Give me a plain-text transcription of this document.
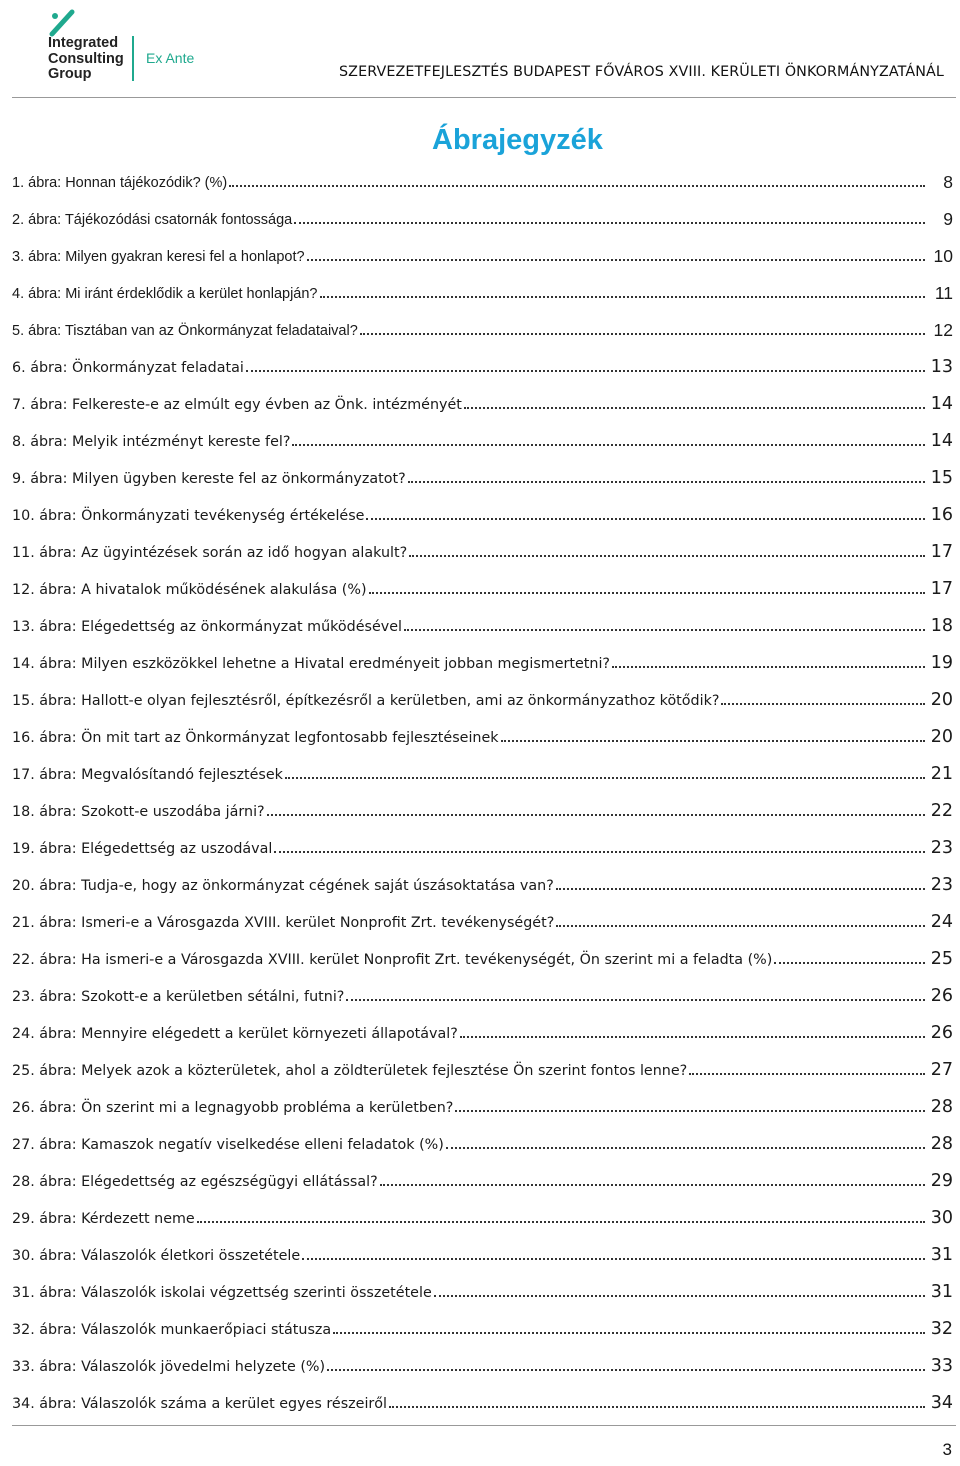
Integrated
Consulting
Group
Ex Ante
SZERVEZETFEJLESZTÉS BUDAPEST FŐVÁROS XVIII. KERÜLETI ÖNKORMÁNYZATÁNÁL
Ábrajegyzék
1.
ábra: Honnan tájékozódik? (%)	8
2.
ábra: Tájékozódási csatornák fontossága	9
3.
ábra: Milyen gyakran keresi fel a honlapot?	10
4.
ábra: Mi iránt érdeklődik a kerület honlapján?	11
5.
ábra: Tisztában van az Önkormányzat feladataival?	12
6.
ábra: Önkormányzat feladatai	13
7.
ábra: Felkereste-e az elmúlt egy évben az Önk. intézményét	14
8.
ábra: Melyik intézményt kereste fel?	14
9.
ábra: Milyen ügyben kereste fel az önkormányzatot?	15
10.
ábra: Önkormányzati tevékenység értékelése	16
11.
ábra: Az ügyintézések során az idő hogyan alakult?	17
12.
ábra: A hivatalok működésének alakulása (%)	17
13.
ábra: Elégedettség az önkormányzat működésével	18
14.
ábra: Milyen eszközökkel lehetne a Hivatal eredményeit jobban megismertetni?	19
15.
ábra: Hallott-e olyan fejlesztésről, építkezésről a kerületben, ami az önkormányzathoz kötődik?	20
16.
ábra: Ön mit tart az Önkormányzat legfontosabb fejlesztéseinek	20
17.
ábra: Megvalósítandó fejlesztések	21
18.
ábra: Szokott-e uszodába járni?	22
19.
ábra: Elégedettség az uszodával	23
20.
ábra: Tudja-e, hogy az önkormányzat cégének saját úszásoktatása van?	23
21.
ábra: Ismeri-e a Városgazda XVIII. kerület Nonprofit Zrt. tevékenységét?	24
22.
ábra: Ha ismeri-e a Városgazda XVIII. kerület Nonprofit Zrt. tevékenységét, Ön szerint mi a feladta (%)	25
23.
ábra: Szokott-e a kerületben sétálni, futni?	26
24.
ábra: Mennyire elégedett a kerület környezeti állapotával?	26
25.
ábra: Melyek azok a közterületek, ahol a zöldterületek fejlesztése Ön szerint fontos lenne?	27
26.
ábra: Ön szerint mi a legnagyobb probléma a kerületben?	28
27.
ábra: Kamaszok negatív viselkedése elleni feladatok (%)	28
28.
ábra: Elégedettség az egészségügyi ellátással?	29
29.
ábra: Kérdezett neme	30
30.
ábra: Válaszolók életkori összetétele	31
31.
ábra: Válaszolók iskolai végzettség szerinti összetétele	31
32.
ábra: Válaszolók munkaerőpiaci státusza	32
33.
ábra: Válaszolók jövedelmi helyzete (%)	33
34.
ábra: Válaszolók száma a kerület egyes részeiről	34
3
